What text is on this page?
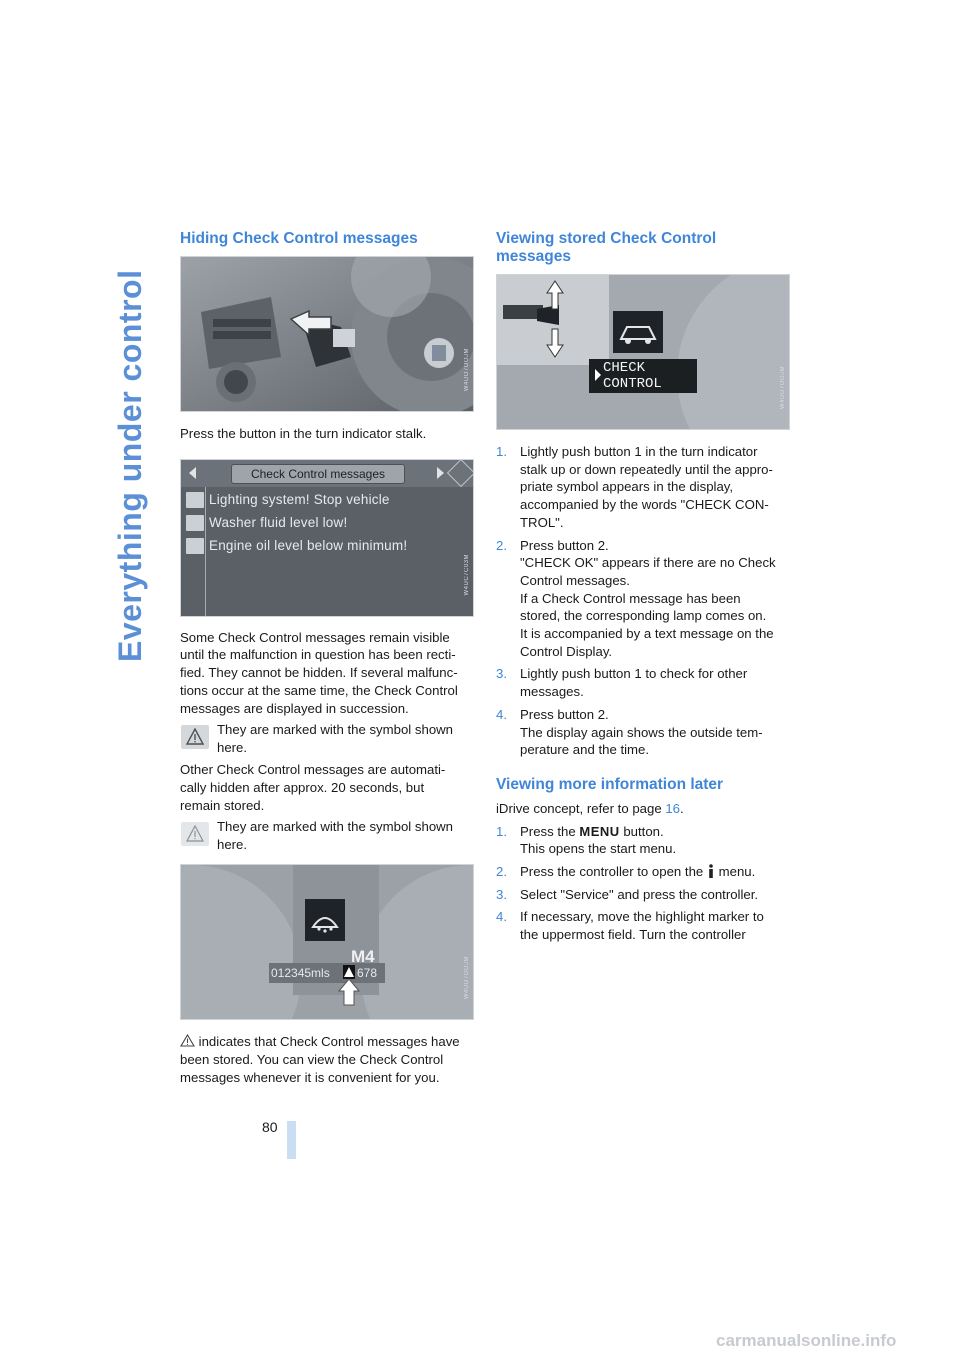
Everything under control
80
Hiding Check Control messages
W4UO7OOJM

Press the button in the turn indicator stalk.

Check Control messages
Lighting system! Stop vehicle
Washer fluid level low!
Engine oil level below minimum!
W4UC7C03M

Some Check Control messages remain visible
until the malfunction in question has been recti-
fied. They cannot be hidden. If several malfunc-
tions occur at the same time, the Check Control
messages are displayed in succession.

They are marked with the symbol shown
here.

Other Check Control messages are automati-
cally hidden after approx. 20 seconds, but
remain stored.

They are marked with the symbol shown
here.

M4
012345mls 678	W4UO7OOJM

indicates that Check Control messages have
been stored. You can view the Check Control
messages whenever it is convenient for you.

Viewing stored Check Control
messages
CHECK
CONTROL	W4UO7OOJM
1. Lightly push button 1 in the turn indicator
stalk up or down repeatedly until the appro-
priate symbol appears in the display,
accompanied by the words "CHECK CON-
TROL".
2. Press button 2.
"CHECK OK" appears if there are no Check
Control messages.
If a Check Control message has been
stored, the corresponding lamp comes on.
It is accompanied by a text message on the
Control Display.
3. Lightly push button 1 to check for other
messages.
4. Press button 2.
The display again shows the outside tem-
perature and the time.
Viewing more information later

iDrive concept, refer to page 16.

1. Press the MENU button.
This opens the start menu.
2. Press the controller to open the menu.
3. Select "Service" and press the controller.
4. If necessary, move the highlight marker to
the uppermost field. Turn the controller
carmanualsonline.info
